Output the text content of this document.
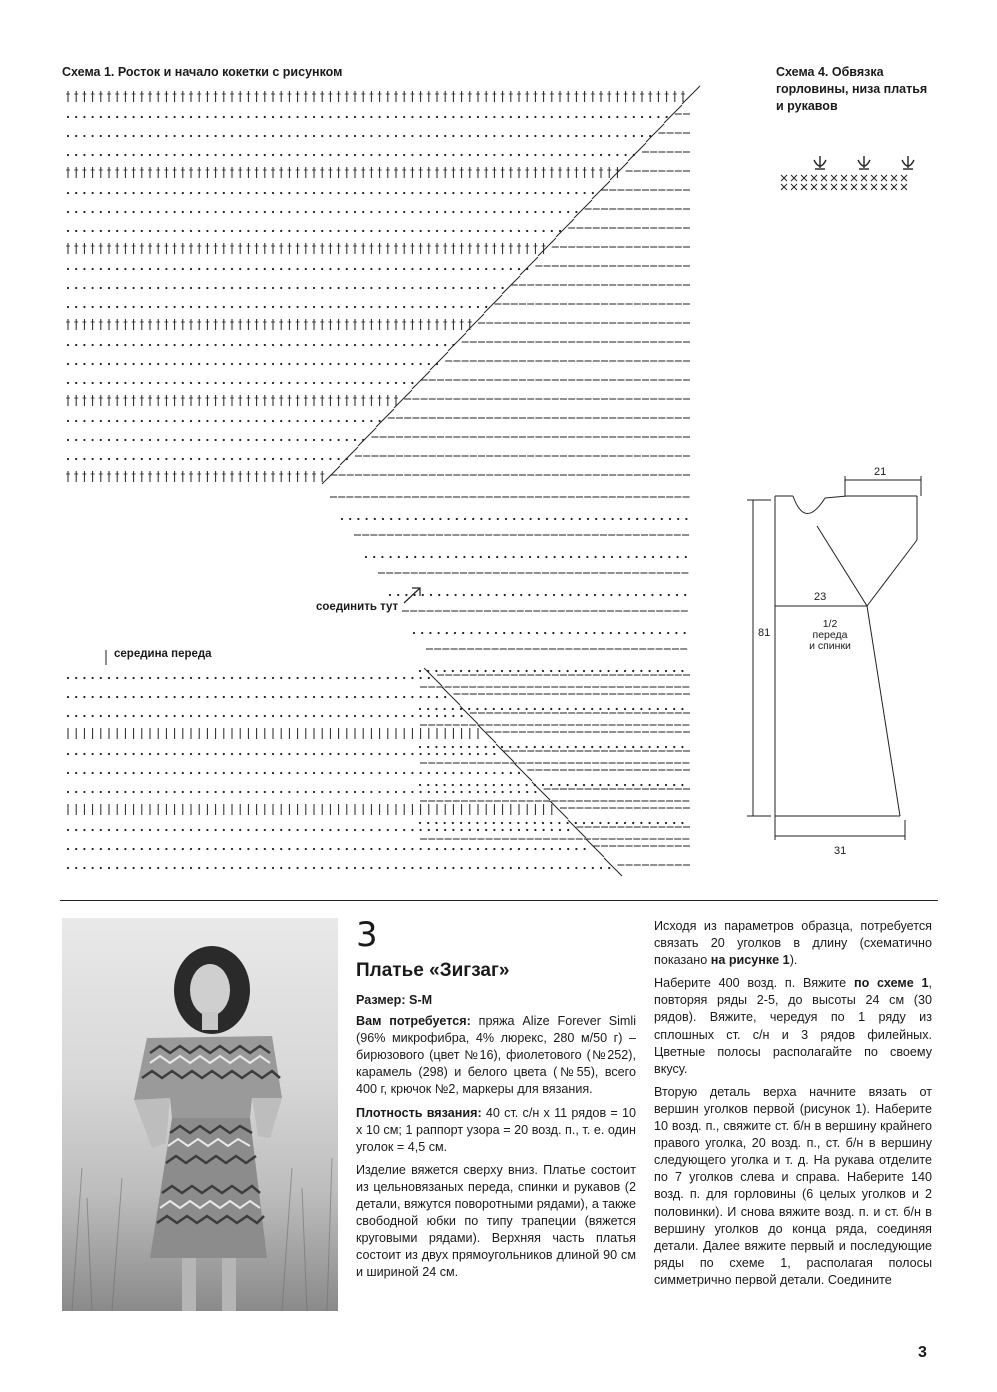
Схема 1. Росток и начало кокетки с рисунком
соединить тут
середина переда
Схема 4. Обвязка
горловины, низа платья
и рукавов
21
23
81
31
1/2
переда
и спинки
3
Платье «Зигзаг»

Размер: S-M

Вам потребуется: пряжа Alize Forever Simli (96% микрофибра, 4% люрекс, 280 м/50 г) – бирюзового (цвет №16), фиолетового (№252), карамель (298) и белого цвета (№55), всего 400 г, крючок №2, маркеры для вязания.

Плотность вязания: 40 ст. с/н х 11 рядов = 10 х 10 см; 1 раппорт узора = 20 возд. п., т. е. один уголок = 4,5 см.

Изделие вяжется сверху вниз. Платье состоит из цельновязаных переда, спинки и рукавов (2 детали, вяжутся поворотными рядами), а также свободной юбки по типу трапеции (вяжется круговыми рядами). Верхняя часть платья состоит из двух прямоугольников длиной 90 см и шириной 24 см.

Исходя из параметров образца, потребуется связать 20 уголков в длину (схематично показано на рисунке 1).

Наберите 400 возд. п. Вяжите по схеме 1, повторяя ряды 2-5, до высоты 24 см (30 рядов). Вяжите, чередуя по 1 ряду из сплошных ст. с/н и 3 рядов филейных. Цветные полосы располагайте по своему вкусу.

Вторую деталь верха начните вязать от вершин уголков первой (рисунок 1). Наберите 10 возд. п., свяжите ст. б/н в вершину крайнего правого уголка, 20 возд. п., ст. б/н в вершину следующего уголка и т. д. На рукава отделите по 7 уголков слева и справа. Наберите 140 возд. п. для горловины (6 целых уголков и 2 половинки). И снова вяжите возд. п. и ст. б/н в вершину уголков до конца ряда, соединяя детали. Далее вяжите первый и последующие ряды по схеме 1, располагая полосы симметрично первой детали. Соедините

3
